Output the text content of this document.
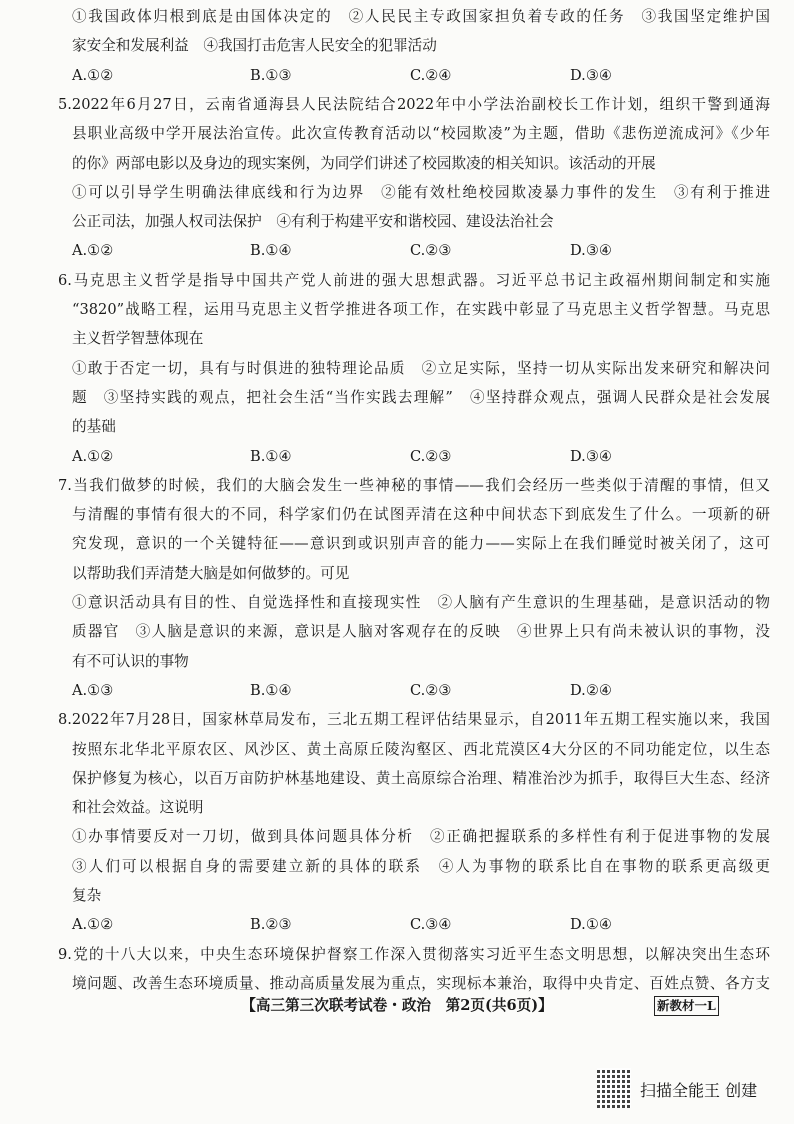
①我国政体归根到底是由国体决定的　②人民民主专政国家担负着专政的任务　③我国坚定维护国
家安全和发展利益　④我国打击危害人民安全的犯罪活动
A.①②	B.①③	C.②④	D.③④
5.2022年6月27日，云南省通海县人民法院结合2022年中小学法治副校长工作计划，组织干警到通海
县职业高级中学开展法治宣传。此次宣传教育活动以“校园欺凌”为主题，借助《悲伤逆流成河》《少年
的你》两部电影以及身边的现实案例，为同学们讲述了校园欺凌的相关知识。该活动的开展
①可以引导学生明确法律底线和行为边界　②能有效杜绝校园欺凌暴力事件的发生　③有利于推进
公正司法，加强人权司法保护　④有利于构建平安和谐校园、建设法治社会
A.①②	B.①④	C.②③	D.③④
6.马克思主义哲学是指导中国共产党人前进的强大思想武器。习近平总书记主政福州期间制定和实施
“3820”战略工程，运用马克思主义哲学推进各项工作，在实践中彰显了马克思主义哲学智慧。马克思
主义哲学智慧体现在
①敢于否定一切，具有与时俱进的独特理论品质　②立足实际，坚持一切从实际出发来研究和解决问
题　③坚持实践的观点，把社会生活“当作实践去理解”　④坚持群众观点，强调人民群众是社会发展
的基础
A.①②	B.①④	C.②③	D.③④
7.当我们做梦的时候，我们的大脑会发生一些神秘的事情——我们会经历一些类似于清醒的事情，但又
与清醒的事情有很大的不同，科学家们仍在试图弄清在这种中间状态下到底发生了什么。一项新的研
究发现，意识的一个关键特征——意识到或识别声音的能力——实际上在我们睡觉时被关闭了，这可
以帮助我们弄清楚大脑是如何做梦的。可见
①意识活动具有目的性、自觉选择性和直接现实性　②人脑有产生意识的生理基础，是意识活动的物
质器官　③人脑是意识的来源，意识是人脑对客观存在的反映　④世界上只有尚未被认识的事物，没
有不可认识的事物
A.①③	B.①④	C.②③	D.②④
8.2022年7月28日，国家林草局发布，三北五期工程评估结果显示，自2011年五期工程实施以来，我国
按照东北华北平原农区、风沙区、黄土高原丘陵沟壑区、西北荒漠区4大分区的不同功能定位，以生态
保护修复为核心，以百万亩防护林基地建设、黄土高原综合治理、精准治沙为抓手，取得巨大生态、经济
和社会效益。这说明
①办事情要反对一刀切，做到具体问题具体分析　②正确把握联系的多样性有利于促进事物的发展
③人们可以根据自身的需要建立新的具体的联系　④人为事物的联系比自在事物的联系更高级更
复杂
A.①②	B.②③	C.③④	D.①④
9.党的十八大以来，中央生态环境保护督察工作深入贯彻落实习近平生态文明思想，以解决突出生态环
境问题、改善生态环境质量、推动高质量发展为重点，实现标本兼治，取得中央肯定、百姓点赞、各方支
【高三第三次联考试卷・政治　第2页(共6页)】	新教材一L
扫描全能王 创建
